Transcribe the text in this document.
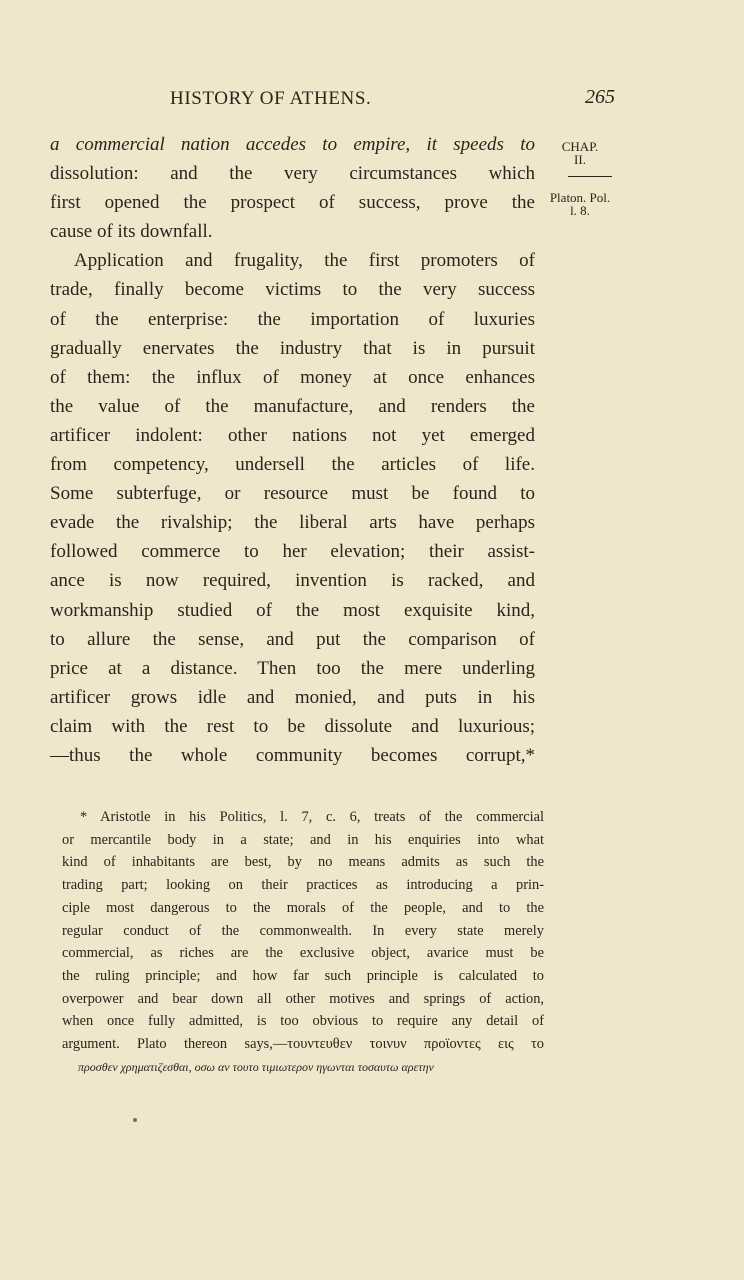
HISTORY OF ATHENS.	265
CHAP.
II.
Platon. Pol.
l. 8.
a commercial nation accedes to empire, it speeds to
dissolution: and the very circumstances which
first opened the prospect of success, prove the
cause of its downfall.
Application and frugality, the first promoters of
trade, finally become victims to the very success
of the enterprise: the importation of luxuries
gradually enervates the industry that is in pursuit
of them: the influx of money at once enhances
the value of the manufacture, and renders the
artificer indolent: other nations not yet emerged
from competency, undersell the articles of life.
Some subterfuge, or resource must be found to
evade the rivalship; the liberal arts have perhaps
followed commerce to her elevation; their assist-
ance is now required, invention is racked, and
workmanship studied of the most exquisite kind,
to allure the sense, and put the comparison of
price at a distance. Then too the mere underling
artificer grows idle and monied, and puts in his
claim with the rest to be dissolute and luxurious;
—thus the whole community becomes corrupt,*
* Aristotle in his Politics, l. 7, c. 6, treats of the commercial
or mercantile body in a state; and in his enquiries into what
kind of inhabitants are best, by no means admits as such the
trading part; looking on their practices as introducing a prin-
ciple most dangerous to the morals of the people, and to the
regular conduct of the commonwealth. In every state merely
commercial, as riches are the exclusive object, avarice must be
the ruling principle; and how far such principle is calculated to
overpower and bear down all other motives and springs of action,
when once fully admitted, is too obvious to require any detail of
argument. Plato thereon says,—τουντευθεν τοινυν προϊοντες εις το
προσθεν χρηματιζεσθαι, οσω αν τουτο τιμιωτερον ηγωνται τοσαυτω αρετην
